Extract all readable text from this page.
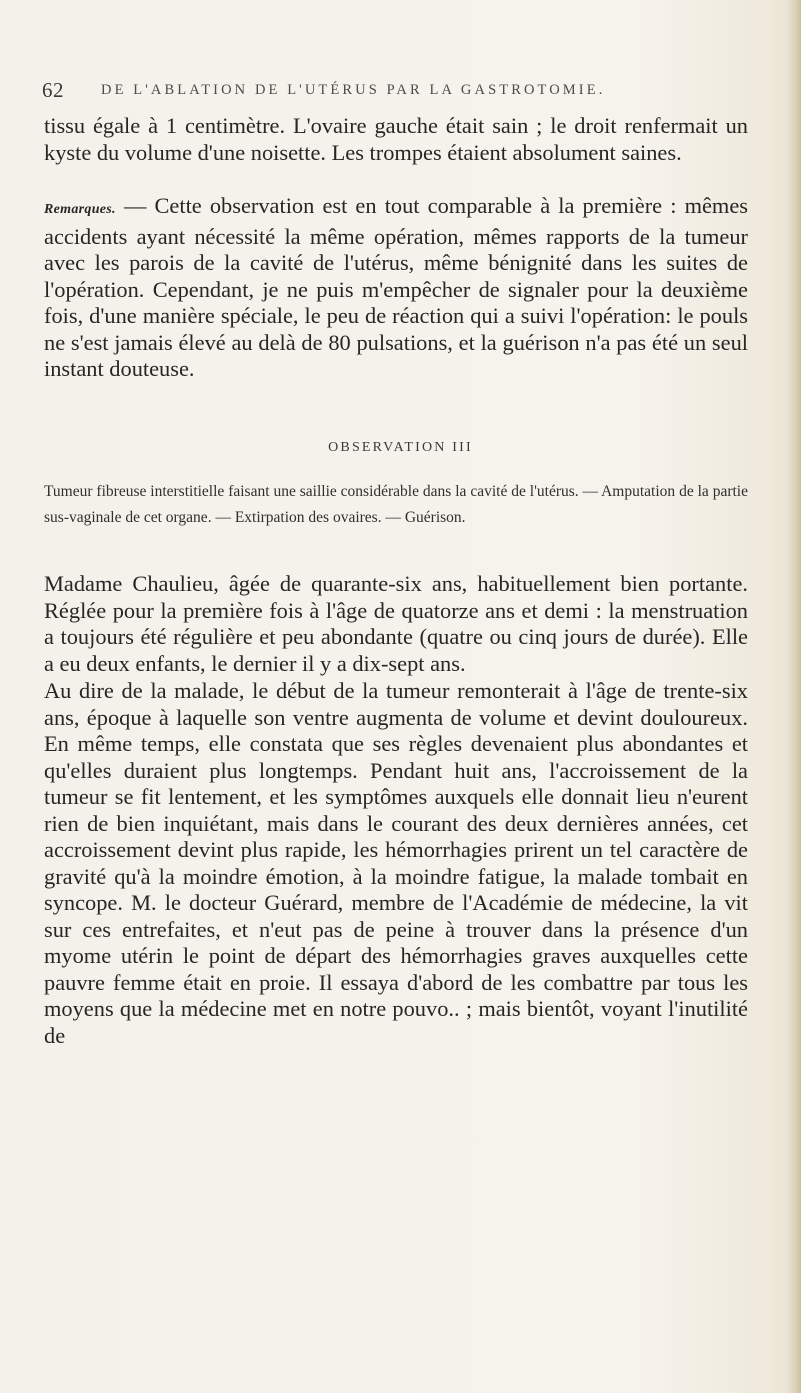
62	DE L'ABLATION DE L'UTÉRUS PAR LA GASTROTOMIE.

tissu égale à 1 centimètre. L'ovaire gauche était sain ; le droit renfermait un kyste du volume d'une noisette. Les trompes étaient absolument saines.

Remarques. — Cette observation est en tout comparable à la première : mêmes accidents ayant nécessité la même opération, mêmes rapports de la tumeur avec les parois de la cavité de l'utérus, même bénignité dans les suites de l'opération. Cependant, je ne puis m'empêcher de signaler pour la deuxième fois, d'une manière spéciale, le peu de réaction qui a suivi l'opération: le pouls ne s'est jamais élevé au delà de 80 pulsations, et la guérison n'a pas été un seul instant douteuse.

OBSERVATION III

Tumeur fibreuse interstitielle faisant une saillie considérable dans la cavité de l'utérus. — Amputation de la partie sus-vaginale de cet organe. — Extirpation des ovaires. — Guérison.

Madame Chaulieu, âgée de quarante-six ans, habituellement bien portante. Réglée pour la première fois à l'âge de quatorze ans et demi : la menstruation a toujours été régulière et peu abondante (quatre ou cinq jours de durée). Elle a eu deux enfants, le dernier il y a dix-sept ans.

Au dire de la malade, le début de la tumeur remonterait à l'âge de trente-six ans, époque à laquelle son ventre augmenta de volume et devint douloureux. En même temps, elle constata que ses règles devenaient plus abondantes et qu'elles duraient plus longtemps. Pendant huit ans, l'accroissement de la tumeur se fit lentement, et les symptômes auxquels elle donnait lieu n'eurent rien de bien inquiétant, mais dans le courant des deux dernières années, cet accroissement devint plus rapide, les hémorrhagies prirent un tel caractère de gravité qu'à la moindre émotion, à la moindre fatigue, la malade tombait en syncope. M. le docteur Guérard, membre de l'Académie de médecine, la vit sur ces entrefaites, et n'eut pas de peine à trouver dans la présence d'un myome utérin le point de départ des hémorrhagies graves auxquelles cette pauvre femme était en proie. Il essaya d'abord de les combattre par tous les moyens que la médecine met en notre pouvo.. ; mais bientôt, voyant l'inutilité de
